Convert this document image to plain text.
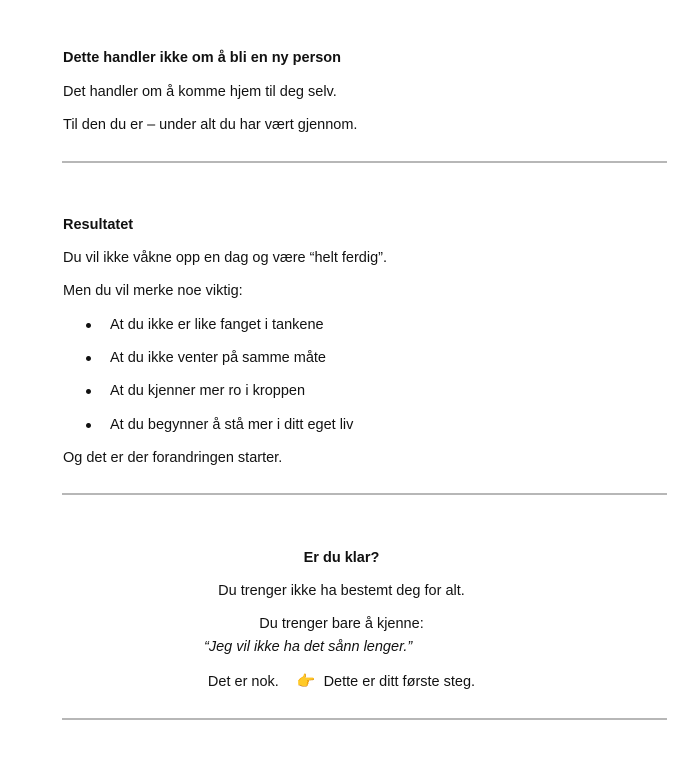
Dette handler ikke om å bli en ny person
Det handler om å komme hjem til deg selv.
Til den du er – under alt du har vært gjennom.
Resultatet
Du vil ikke våkne opp en dag og være “helt ferdig”.
Men du vil merke noe viktig:
At du ikke er like fanget i tankene
At du ikke venter på samme måte
At du kjenner mer ro i kroppen
At du begynner å stå mer i ditt eget liv
Og det er der forandringen starter.
Er du klar?
Du trenger ikke ha bestemt deg for alt.
Du trenger bare å kjenne:
“Jeg vil ikke ha det sånn lenger.”
Det er nok. 👉 Dette er ditt første steg.
